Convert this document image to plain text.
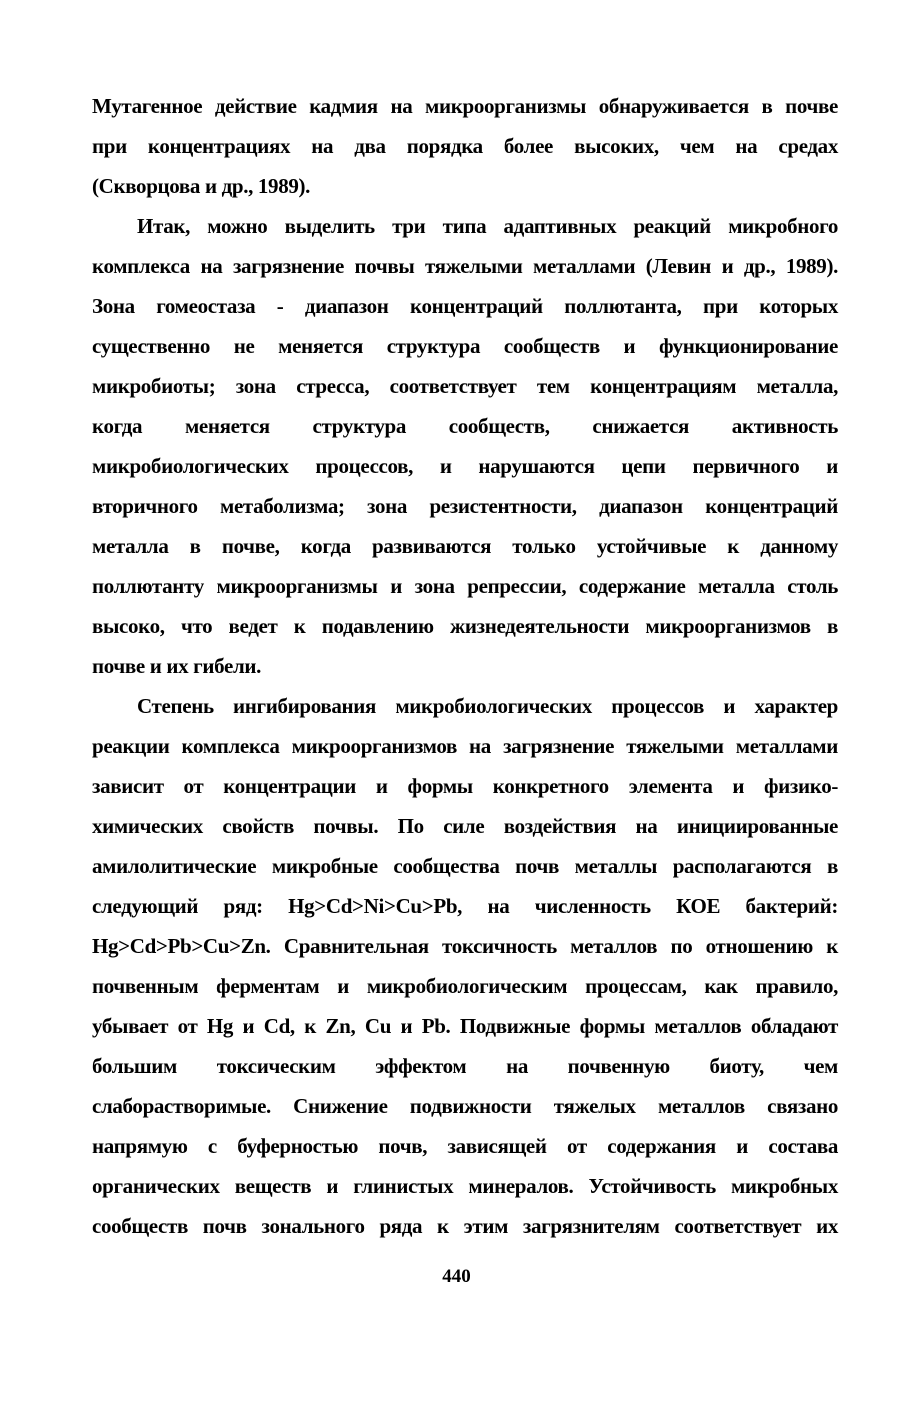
Мутагенное действие кадмия на микроорганизмы обнаруживается в почве
при концентрациях на два порядка более высоких, чем на средах
(Скворцова и др., 1989).
Итак, можно выделить три типа адаптивных реакций микробного
комплекса на загрязнение почвы тяжелыми металлами (Левин и др., 1989).
Зона гомеостаза - диапазон концентраций поллютанта, при которых
существенно не меняется структура сообществ и функционирование
микробиоты; зона стресса, соответствует тем концентрациям металла,
когда меняется структура сообществ, снижается активность
микробиологических процессов, и нарушаются цепи первичного и
вторичного метаболизма; зона резистентности, диапазон концентраций
металла в почве, когда развиваются только устойчивые к данному
поллютанту микроорганизмы и зона репрессии, содержание металла столь
высоко, что ведет к подавлению жизнедеятельности микроорганизмов в
почве и их гибели.
Степень ингибирования микробиологических процессов и характер
реакции комплекса микроорганизмов на загрязнение тяжелыми металлами
зависит от концентрации и формы конкретного элемента и физико-
химических свойств почвы. По силе воздействия на инициированные
амилолитические микробные сообщества почв металлы располагаются в
следующий ряд: Hg>Cd>Ni>Cu>Pb, на численность КОЕ бактерий:
Hg>Cd>Pb>Cu>Zn. Сравнительная токсичность металлов по отношению к
почвенным ферментам и микробиологическим процессам, как правило,
убывает от Hg и Cd, к Zn, Cu и Pb. Подвижные формы металлов обладают
большим токсическим эффектом на почвенную биоту, чем
слаборастворимые. Снижение подвижности тяжелых металлов связано
напрямую с буферностью почв, зависящей от содержания и состава
органических веществ и глинистых минералов. Устойчивость микробных
сообществ почв зонального ряда к этим загрязнителям соответствует их
440
